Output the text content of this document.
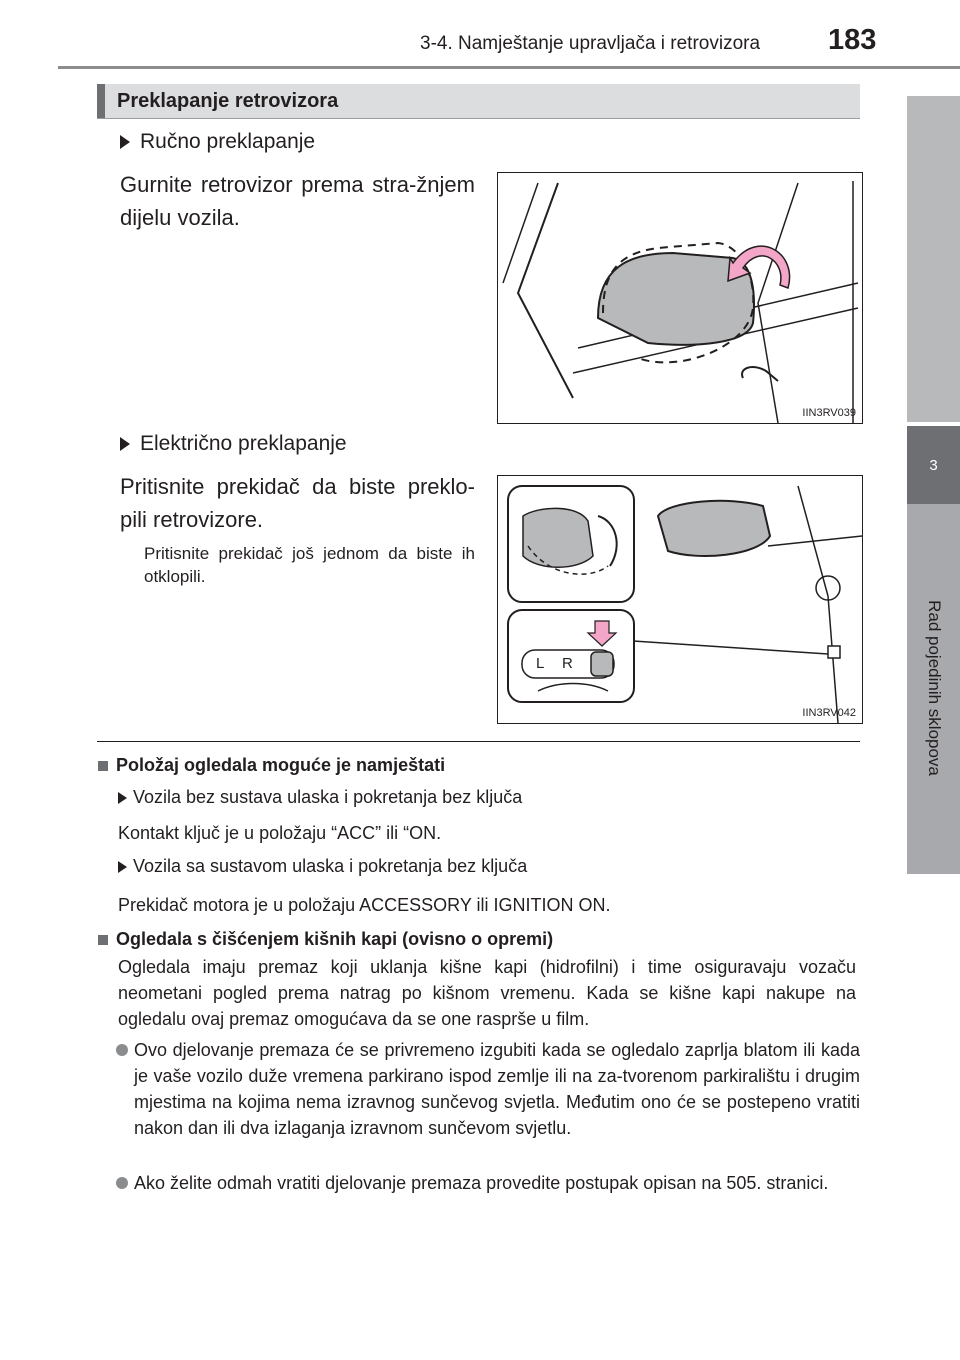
3-4. Namještanje upravljača i retrovizora 183
3
Rad pojedinih sklopova
Preklapanje retrovizora
Ručno preklapanje
Gurnite retrovizor prema stra-žnjem dijelu vozila.
IIN3RV039
Električno preklapanje
Pritisnite prekidač da biste preklo-pili retrovizore.
Pritisnite prekidač još jednom da biste ih otklopili.
L R
IIN3RV042
Položaj ogledala moguće je namještati
Vozila bez sustava ulaska i pokretanja bez ključa
Kontakt ključ je u položaju “ACC” ili “ON.
Vozila sa sustavom ulaska i pokretanja bez ključa
Prekidač motora je u položaju ACCESSORY ili IGNITION ON.
Ogledala s čišćenjem kišnih kapi (ovisno o opremi)
Ogledala imaju premaz koji uklanja kišne kapi (hidrofilni) i time osiguravaju vozaču neometani pogled prema natrag po kišnom vremenu. Kada se kišne kapi nakupe na ogledalu ovaj premaz omogućava da se one raspršе u film.
Ovo djelovanje premaza će se privremeno izgubiti kada se ogledalo zaprlja blatom ili kada je vaše vozilo duže vremena parkirano ispod zemlje ili na za-tvorenom parkiralištu i drugim mjestima na kojima nema izravnog sunčevog svjetla. Međutim ono će se postepeno vratiti nakon dan ili dva izlaganja izravnom sunčevom svjetlu.
Ako želite odmah vratiti djelovanje premaza provedite postupak opisan na 505. stranici.
